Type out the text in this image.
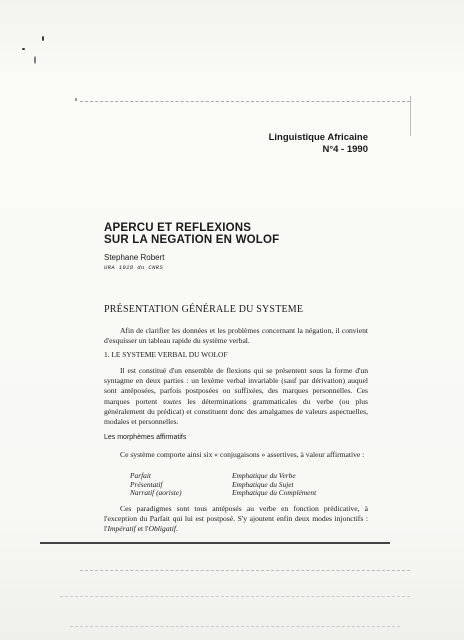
Linguistique Africaine
N°4 - 1990
APERCU ET REFLEXIONS
SUR LA NEGATION EN WOLOF
Stephane Robert
URA 1028 du CNRS
PRÉSENTATION GÉNÉRALE DU SYSTEME
Afin de clarifier les données et les problèmes concernant la négation, il convient d'esquisser un tableau rapide du système verbal.
1. LE SYSTEME VERBAL DU WOLOF
Il est constitué d'un ensemble de flexions qui se présentent sous la forme d'un syntagme en deux parties : un lexème verbal invariable (sauf par dérivation) auquel sont antéposées, parfois postposées ou suffixées, des marques personnelles. Ces marques portent toutes les déterminations grammaticales du verbe (ou plus généralement du prédicat) et constituent donc des amalgames de valeurs aspectuelles, modales et personnelles.
Les morphèmes affirmatifs
Ce système comporte ainsi six « conjugaisons » assertives, à valeur affirmative :
Parfait
Présentatif
Narratif (aoriste)
Emphatique du Verbe
Emphatique du Sujet
Emphatique du Complément
Ces paradigmes sont tous antéposés au verbe en fonction prédicative, à l'exception du Parfait qui lui est postposé. S'y ajoutent enfin deux modes injonctifs : l'Impératif et l'Obligatif.
